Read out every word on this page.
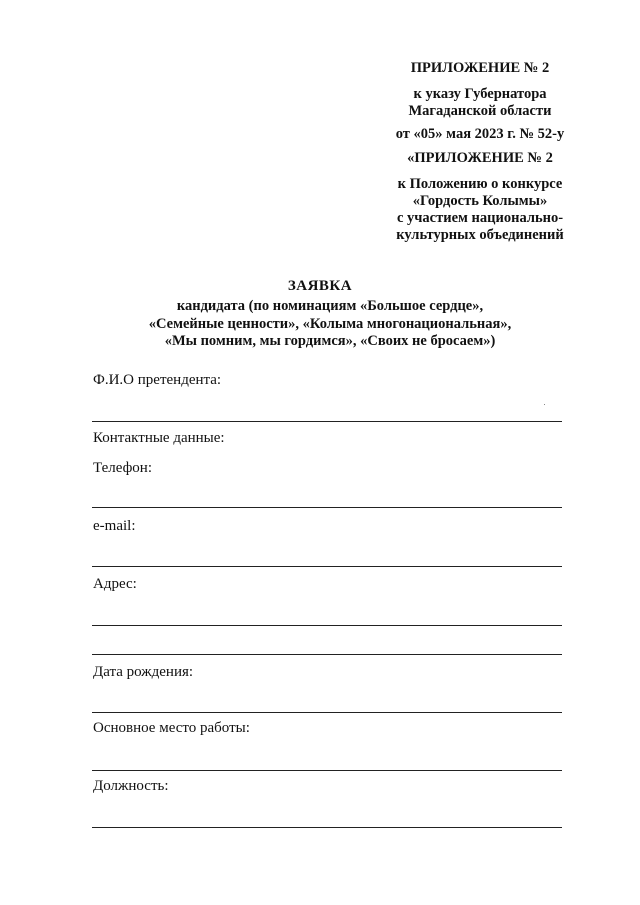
ПРИЛОЖЕНИЕ № 2
к указу Губернатора
Магаданской области
от «05» мая 2023 г. № 52-у
«ПРИЛОЖЕНИЕ № 2
к Положению о конкурсе
«Гордость Колымы»
с участием национально-
культурных объединений
ЗАЯВКА
кандидата (по номинациям «Большое сердце»,
«Семейные ценности», «Колыма многонациональная»,
«Мы помним, мы гордимся», «Своих не бросаем»)
Ф.И.О претендента:
Контактные данные:
Телефон:
e-mail:
Адрес:
Дата рождения:
Основное место работы:
Должность:
